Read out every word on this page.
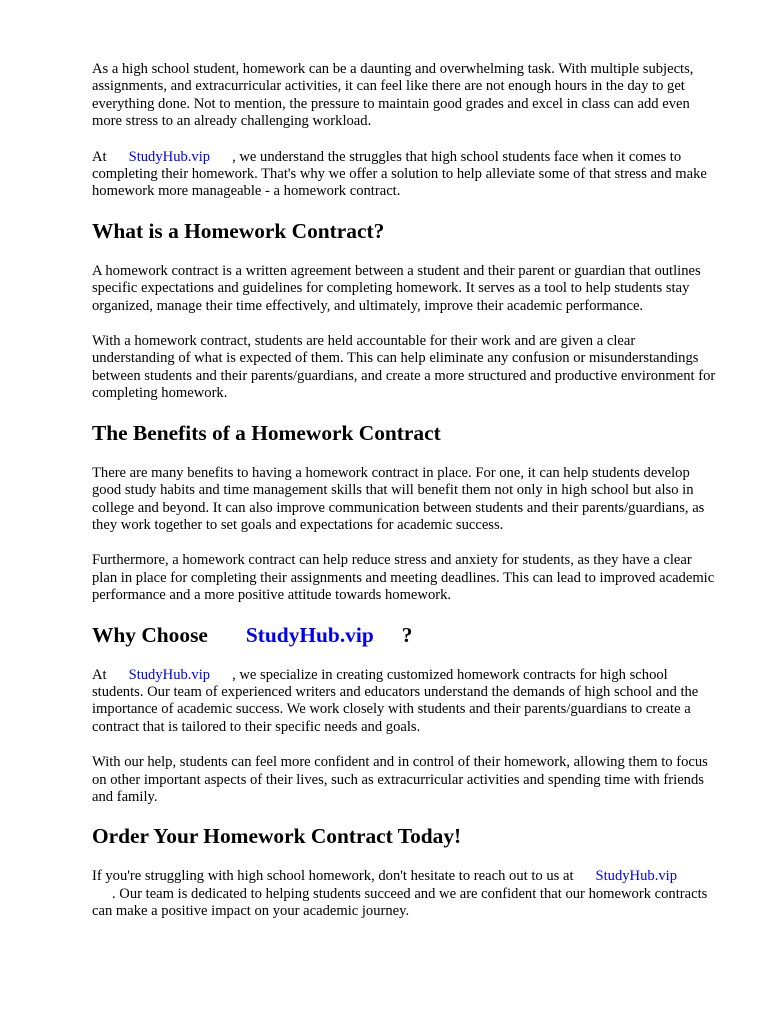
As a high school student, homework can be a daunting and overwhelming task. With multiple subjects, assignments, and extracurricular activities, it can feel like there are not enough hours in the day to get everything done. Not to mention, the pressure to maintain good grades and excel in class can add even more stress to an already challenging workload.

At StudyHub.vip , we understand the struggles that high school students face when it comes to completing their homework. That's why we offer a solution to help alleviate some of that stress and make homework more manageable - a homework contract.

What is a Homework Contract?

A homework contract is a written agreement between a student and their parent or guardian that outlines specific expectations and guidelines for completing homework. It serves as a tool to help students stay organized, manage their time effectively, and ultimately, improve their academic performance.

With a homework contract, students are held accountable for their work and are given a clear understanding of what is expected of them. This can help eliminate any confusion or misunderstandings between students and their parents/guardians, and create a more structured and productive environment for completing homework.

The Benefits of a Homework Contract

There are many benefits to having a homework contract in place. For one, it can help students develop good study habits and time management skills that will benefit them not only in high school but also in college and beyond. It can also improve communication between students and their parents/guardians, as they work together to set goals and expectations for academic success.

Furthermore, a homework contract can help reduce stress and anxiety for students, as they have a clear plan in place for completing their assignments and meeting deadlines. This can lead to improved academic performance and a more positive attitude towards homework.

Why Choose StudyHub.vip ?

At StudyHub.vip , we specialize in creating customized homework contracts for high school students. Our team of experienced writers and educators understand the demands of high school and the importance of academic success. We work closely with students and their parents/guardians to create a contract that is tailored to their specific needs and goals.

With our help, students can feel more confident and in control of their homework, allowing them to focus on other important aspects of their lives, such as extracurricular activities and spending time with friends and family.

Order Your Homework Contract Today!

If you're struggling with high school homework, don't hesitate to reach out to us at StudyHub.vip
. Our team is dedicated to helping students succeed and we are confident that our homework contracts can make a positive impact on your academic journey.
